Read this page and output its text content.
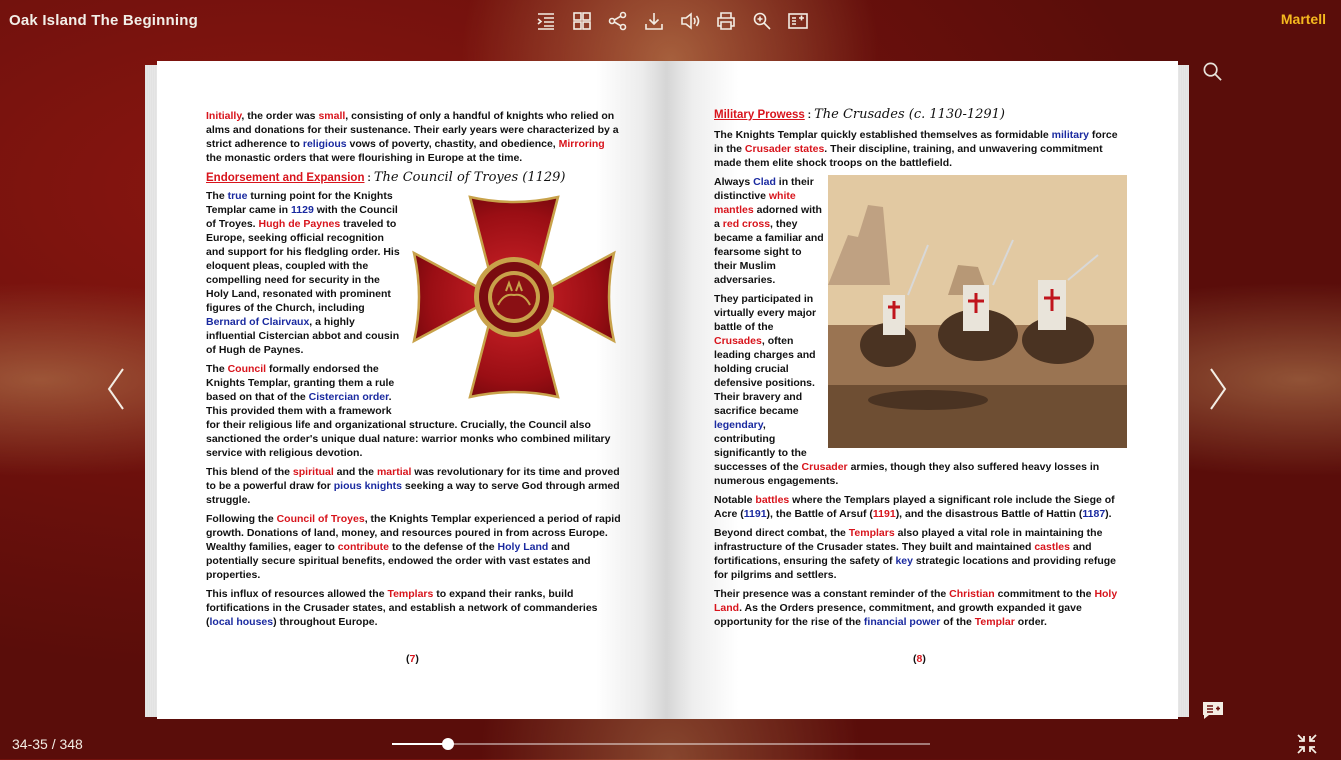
Oak Island The Beginning	Martell

Initially, the order was small, consisting of only a handful of knights who relied on alms and donations for their sustenance. Their early years were characterized by a strict adherence to religious vows of poverty, chastity, and obedience, Mirroring the monastic orders that were flourishing in Europe at the time.

Endorsement and Expansion : The Council of Troyes (1129)

The true turning point for the Knights Templar came in 1129 with the Council of Troyes. Hugh de Paynes traveled to Europe, seeking official recognition and support for his fledgling order. His eloquent pleas, coupled with the compelling need for security in the Holy Land, resonated with prominent figures of the Church, including Bernard of Clairvaux, a highly influential Cistercian abbot and cousin of Hugh de Paynes.

The Council formally endorsed the Knights Templar, granting them a rule based on that of the Cistercian order. This provided them with a framework for their religious life and organizational structure. Crucially, the Council also sanctioned the order's unique dual nature: warrior monks who combined military service with religious devotion.

This blend of the spiritual and the martial was revolutionary for its time and proved to be a powerful draw for pious knights seeking a way to serve God through armed struggle.

Following the Council of Troyes, the Knights Templar experienced a period of rapid growth. Donations of land, money, and resources poured in from across Europe. Wealthy families, eager to contribute to the defense of the Holy Land and potentially secure spiritual benefits, endowed the order with vast estates and properties.

This influx of resources allowed the Templars to expand their ranks, build fortifications in the Crusader states, and establish a network of commanderies (local houses) throughout Europe.

(7)

Military Prowess : The Crusades (c. 1130-1291)

The Knights Templar quickly established themselves as formidable military force in the Crusader states. Their discipline, training, and unwavering commitment made them elite shock troops on the battlefield.

Always Clad in their distinctive white mantles adorned with a red cross, they became a familiar and fearsome sight to their Muslim adversaries.

They participated in virtually every major battle of the Crusades, often leading charges and holding crucial defensive positions. Their bravery and sacrifice became legendary, contributing significantly to the successes of the Crusader armies, though they also suffered heavy losses in numerous engagements.

Notable battles where the Templars played a significant role include the Siege of Acre (1191), the Battle of Arsuf (1191), and the disastrous Battle of Hattin (1187).

Beyond direct combat, the Templars also played a vital role in maintaining the infrastructure of the Crusader states. They built and maintained castles and fortifications, ensuring the safety of key strategic locations and providing refuge for pilgrims and settlers.

Their presence was a constant reminder of the Christian commitment to the Holy Land. As the Orders presence, commitment, and growth expanded it gave opportunity for the rise of the financial power of the Templar order.

(8)
34-35 / 348
